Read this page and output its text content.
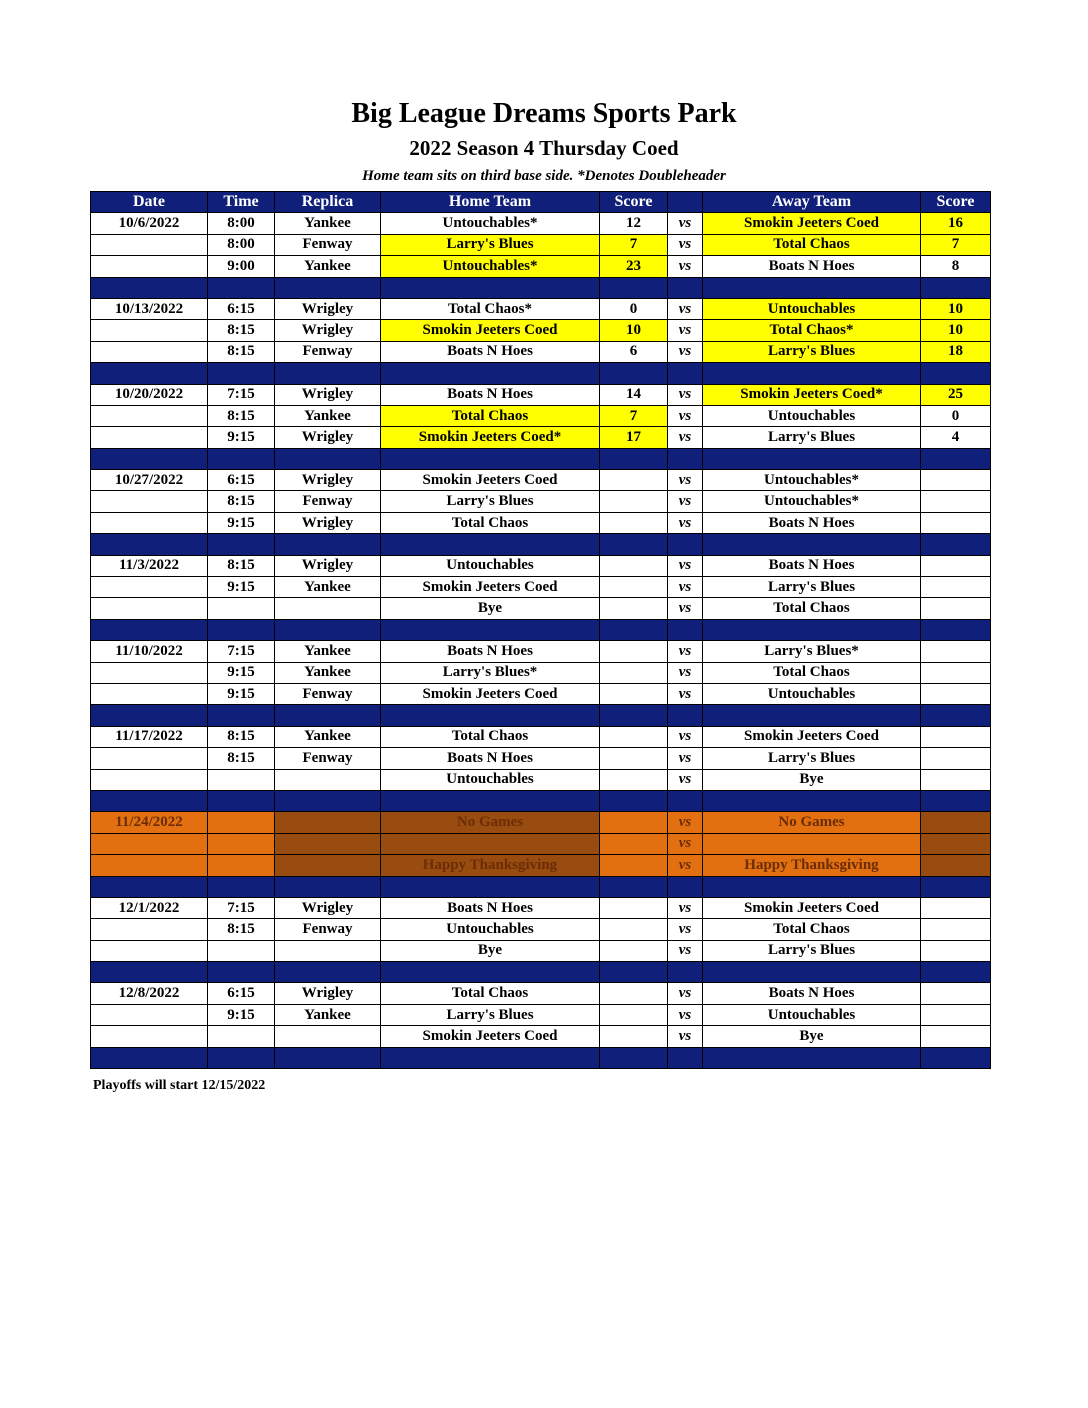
Big League Dreams Sports Park
2022 Season 4 Thursday Coed
Home team sits on third base side. *Denotes Doubleheader
Date	Time	Replica	Home Team	Score		Away Team	Score
10/6/2022	8:00	Yankee	Untouchables*	12	vs	Smokin Jeeters Coed	16
	8:00	Fenway	Larry's Blues	7	vs	Total Chaos	7
	9:00	Yankee	Untouchables*	23	vs	Boats N Hoes	8

10/13/2022	6:15	Wrigley	Total Chaos*	0	vs	Untouchables	10
	8:15	Wrigley	Smokin Jeeters Coed	10	vs	Total Chaos*	10
	8:15	Fenway	Boats N Hoes	6	vs	Larry's Blues	18

10/20/2022	7:15	Wrigley	Boats N Hoes	14	vs	Smokin Jeeters Coed*	25
	8:15	Yankee	Total Chaos	7	vs	Untouchables	0
	9:15	Wrigley	Smokin Jeeters Coed*	17	vs	Larry's Blues	4

10/27/2022	6:15	Wrigley	Smokin Jeeters Coed		vs	Untouchables*	
	8:15	Fenway	Larry's Blues		vs	Untouchables*	
	9:15	Wrigley	Total Chaos		vs	Boats N Hoes	

11/3/2022	8:15	Wrigley	Untouchables		vs	Boats N Hoes	
	9:15	Yankee	Smokin Jeeters Coed		vs	Larry's Blues	
			Bye		vs	Total Chaos	

11/10/2022	7:15	Yankee	Boats N Hoes		vs	Larry's Blues*	
	9:15	Yankee	Larry's Blues*		vs	Total Chaos	
	9:15	Fenway	Smokin Jeeters Coed		vs	Untouchables	

11/17/2022	8:15	Yankee	Total Chaos		vs	Smokin Jeeters Coed	
	8:15	Fenway	Boats N Hoes		vs	Larry's Blues	
			Untouchables		vs	Bye	

11/24/2022			No Games		vs	No Games	
					vs		
			Happy Thanksgiving		vs	Happy Thanksgiving	

12/1/2022	7:15	Wrigley	Boats N Hoes		vs	Smokin Jeeters Coed	
	8:15	Fenway	Untouchables		vs	Total Chaos	
			Bye		vs	Larry's Blues	

12/8/2022	6:15	Wrigley	Total Chaos		vs	Boats N Hoes	
	9:15	Yankee	Larry's Blues		vs	Untouchables	
			Smokin Jeeters Coed		vs	Bye	

Playoffs will start 12/15/2022
